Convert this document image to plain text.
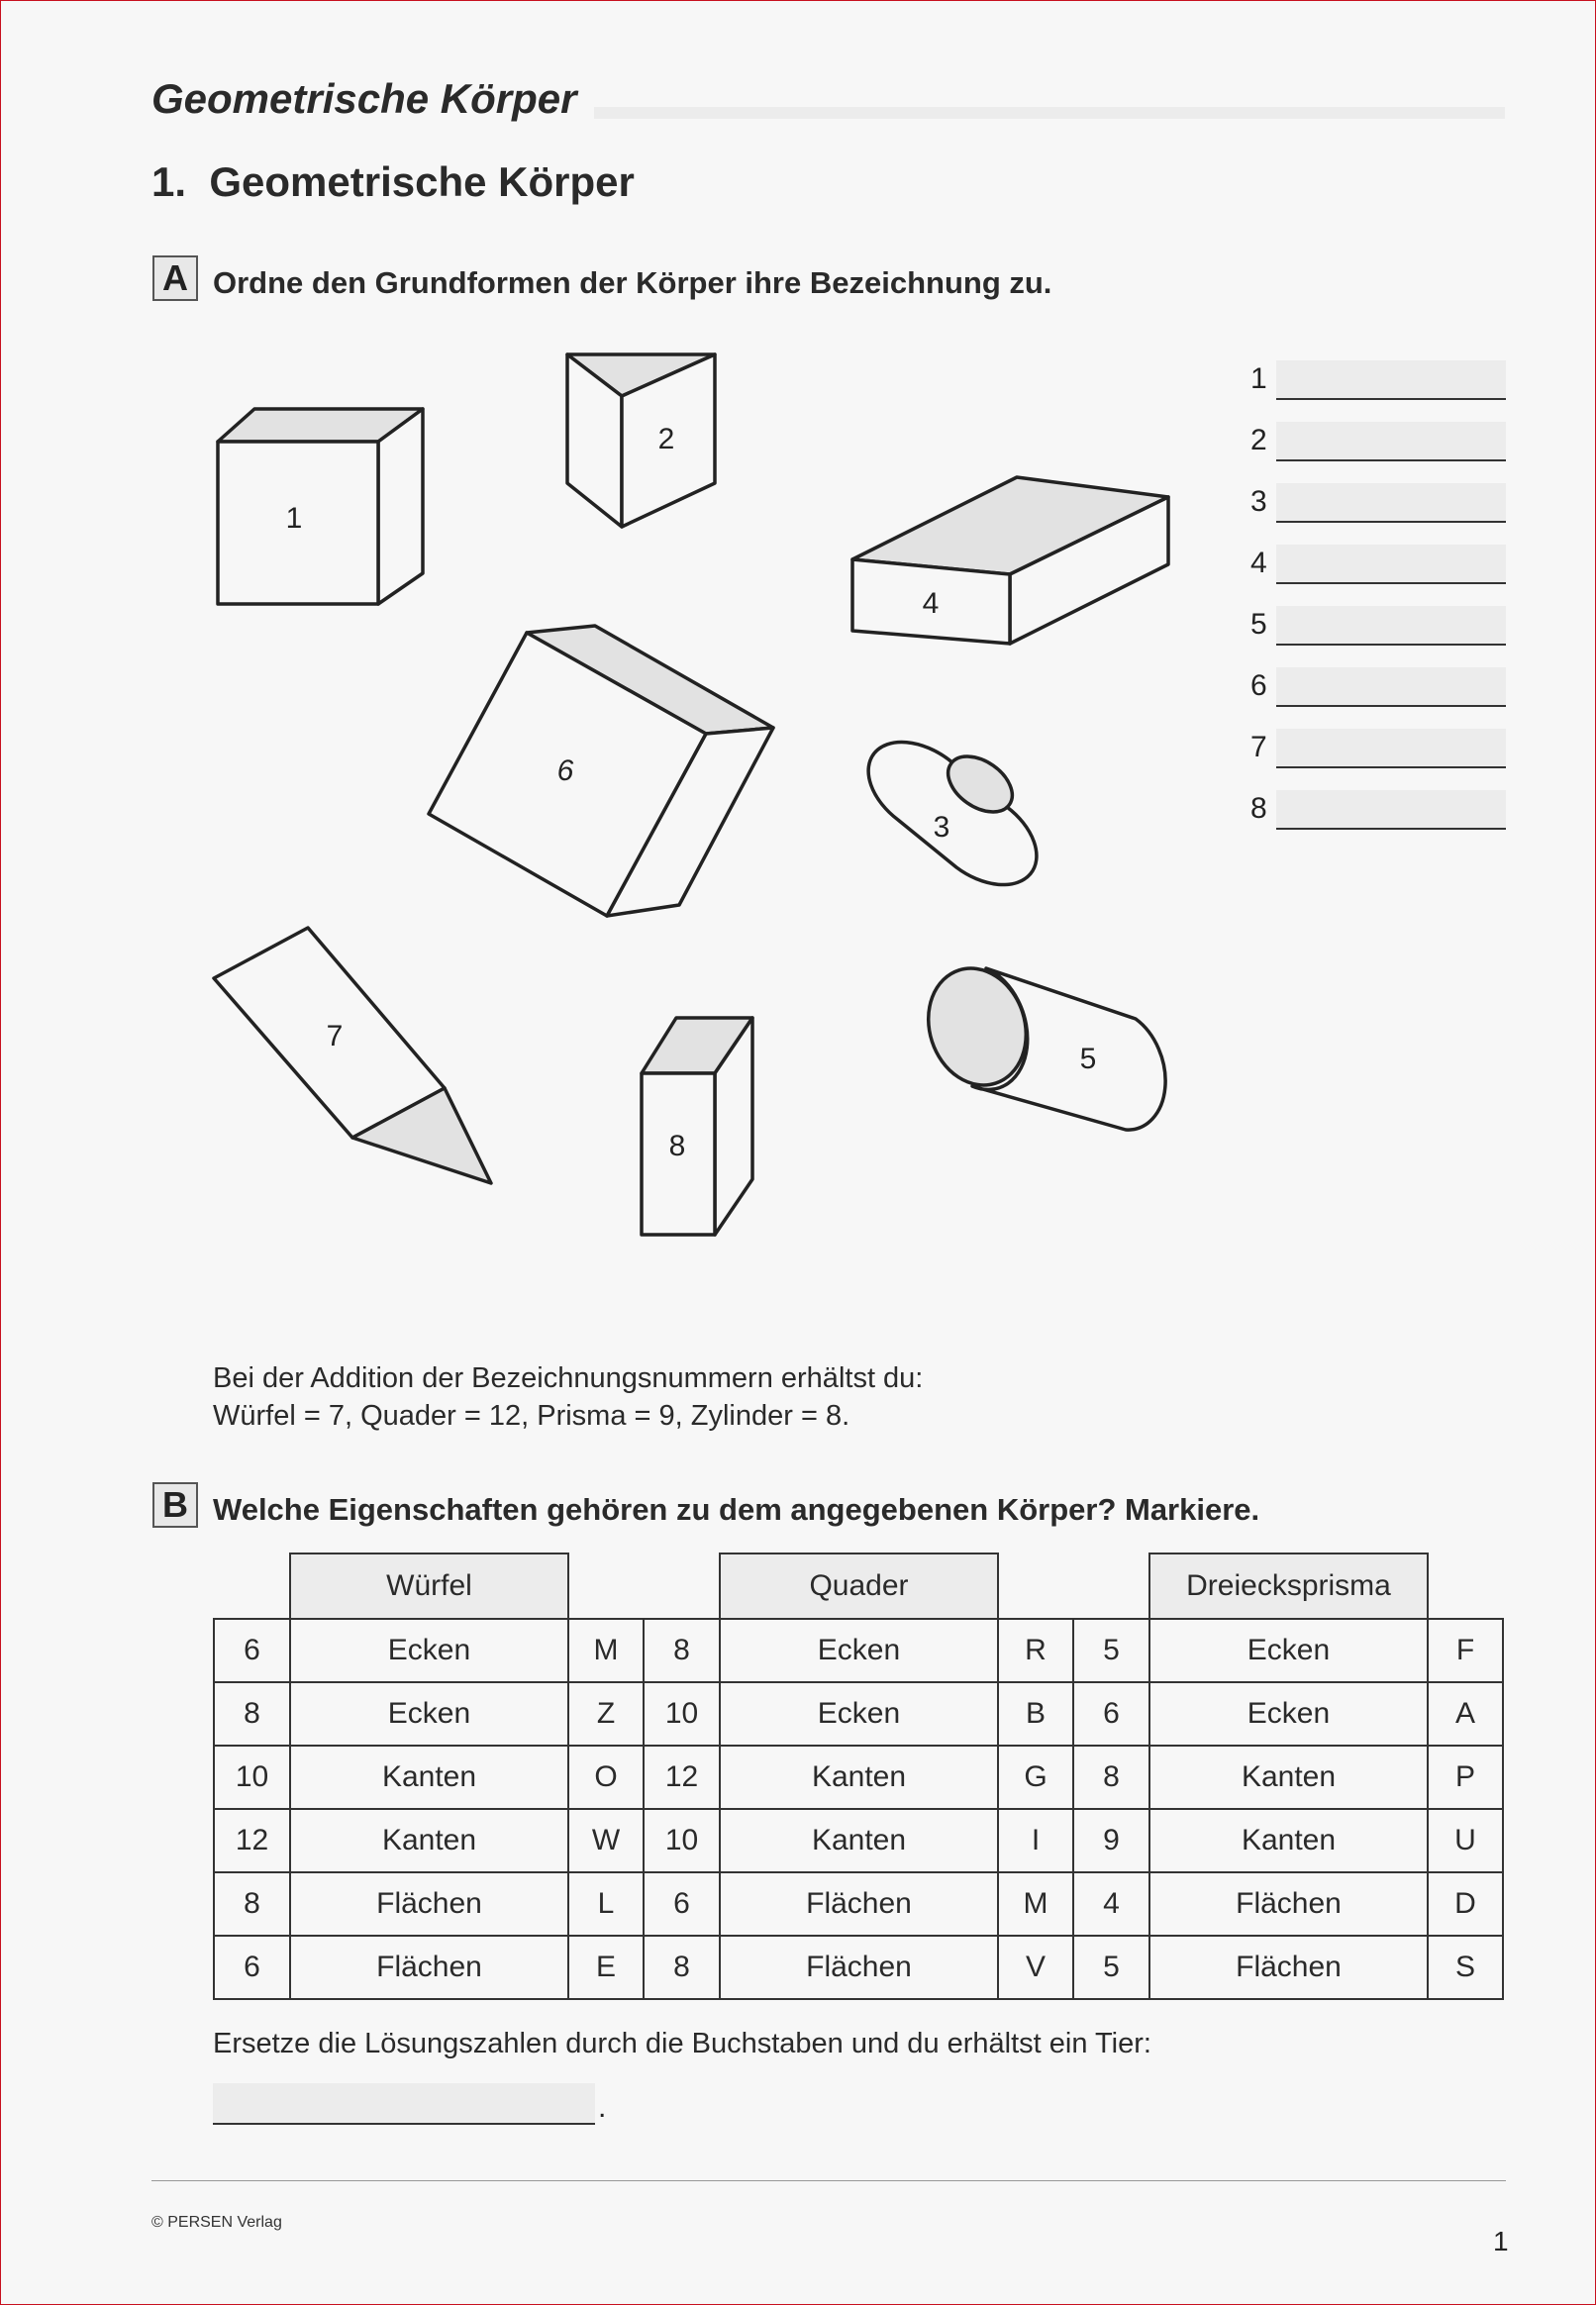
Geometrische Körper
1. Geometrische Körper
A Ordne den Grundformen der Körper ihre Bezeichnung zu.
1
2
3
4
5
6
7
8
1
2
3
4
5
6
7
8
Bei der Addition der Bezeichnungsnummern erhältst du:
Würfel = 7, Quader = 12, Prisma = 9, Zylinder = 8.
B Welche Eigenschaften gehören zu dem angegebenen Körper? Markiere.
	Würfel			Quader			Dreiecksprisma	
6	Ecken	M	8	Ecken	R	5	Ecken	F
8	Ecken	Z	10	Ecken	B	6	Ecken	A
10	Kanten	O	12	Kanten	G	8	Kanten	P
12	Kanten	W	10	Kanten	I	9	Kanten	U
8	Flächen	L	6	Flächen	M	4	Flächen	D
6	Flächen	E	8	Flächen	V	5	Flächen	S
Ersetze die Lösungszahlen durch die Buchstaben und du erhältst ein Tier:
.
© PERSEN Verlag
1
